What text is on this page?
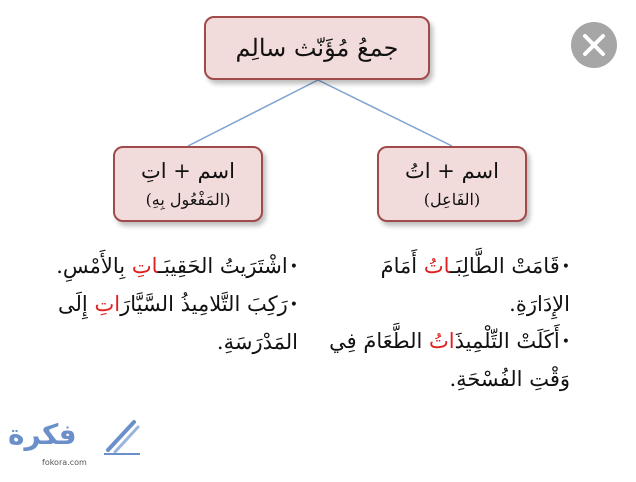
جمعُ مُؤَنّث سالِم
اسم + اتُ
(الفَاعِل)
اسم + اتِ
(المَفْعُول بِهِ)
•قَامَتْ الطَّالِبَـاتُ أَمَامَ الإِدَارَةِ.
•أَكَلَتْ التِّلْمِيذَاتُ الطَّعَامَ فِي وَقْتِ الفُسْحَةِ.
•اشْتَرَيتُ الحَقِيبَـاتِ بِالأَمْسِ.
•رَكِبَ التَّلامِيذُ السَّيَّارَاتِ إِلَى المَدْرَسَةِ.
فكرة
fokora.com
